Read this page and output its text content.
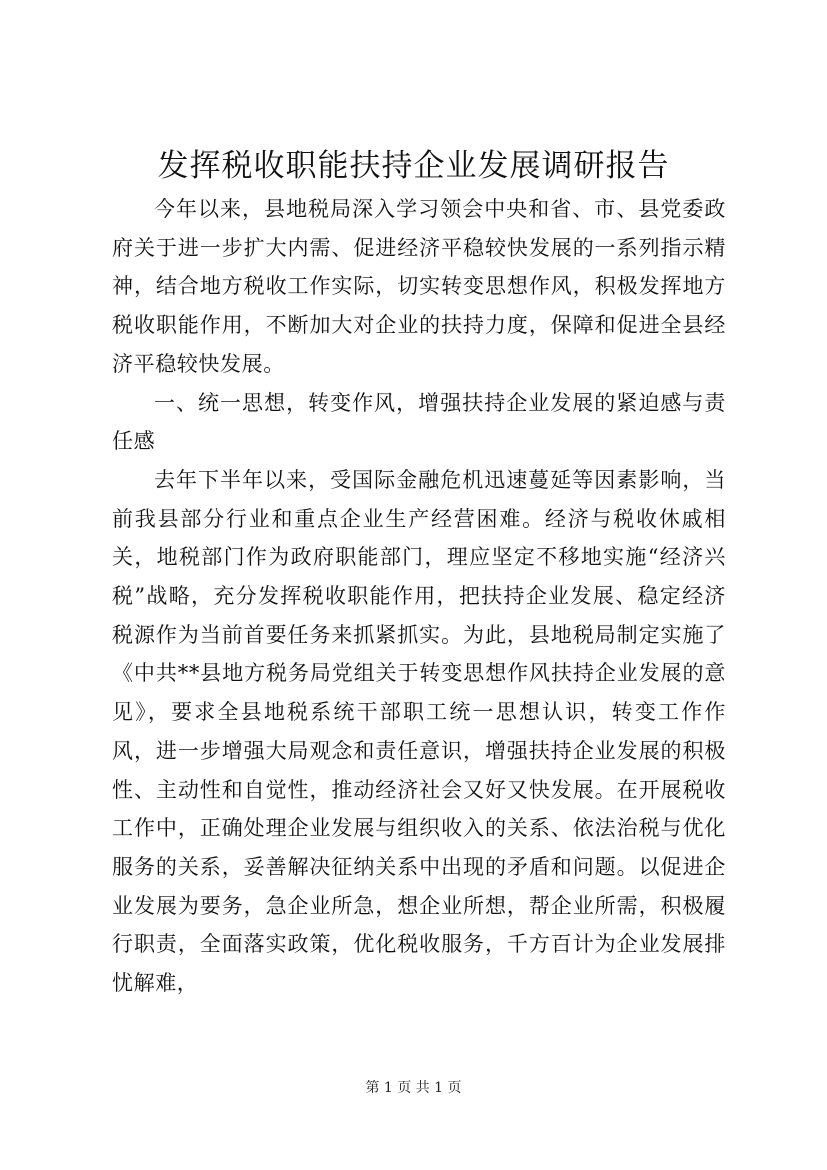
发挥税收职能扶持企业发展调研报告

今年以来，县地税局深入学习领会中央和省、市、县党委政府关于进一步扩大内需、促进经济平稳较快发展的一系列指示精神，结合地方税收工作实际，切实转变思想作风，积极发挥地方税收职能作用，不断加大对企业的扶持力度，保障和促进全县经济平稳较快发展。

一、统一思想，转变作风，增强扶持企业发展的紧迫感与责任感

去年下半年以来，受国际金融危机迅速蔓延等因素影响，当前我县部分行业和重点企业生产经营困难。经济与税收休戚相关，地税部门作为政府职能部门，理应坚定不移地实施“经济兴税”战略，充分发挥税收职能作用，把扶持企业发展、稳定经济税源作为当前首要任务来抓紧抓实。为此，县地税局制定实施了《中共**县地方税务局党组关于转变思想作风扶持企业发展的意见》，要求全县地税系统干部职工统一思想认识，转变工作作风，进一步增强大局观念和责任意识，增强扶持企业发展的积极性、主动性和自觉性，推动经济社会又好又快发展。在开展税收工作中，正确处理企业发展与组织收入的关系、依法治税与优化服务的关系，妥善解决征纳关系中出现的矛盾和问题。以促进企业发展为要务，急企业所急，想企业所想，帮企业所需，积极履行职责，全面落实政策，优化税收服务，千方百计为企业发展排忧解难，

第 1 页 共 1 页
